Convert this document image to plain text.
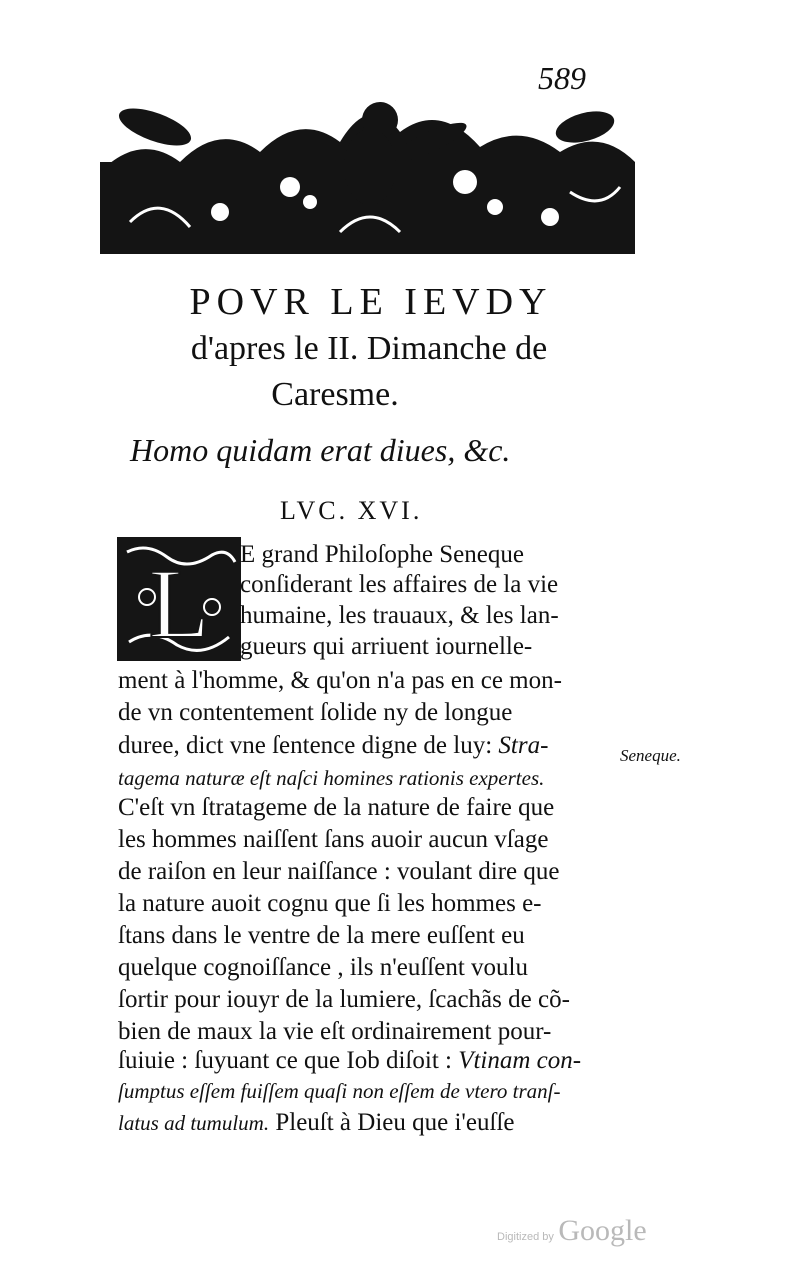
589
POVR LE IEVDY
d'apres le II. Dimanche de
Caresme.
Homo quidam erat diues, &c.
LVC. XVI.
L E grand Philoſophe Seneque
conſiderant les affaires de la vie
humaine, les trauaux, & les lan-
gueurs qui arriuent iournelle-
ment à l'homme, & qu'on n'a pas en ce mon-
de vn contentement ſolide ny de longue
duree, dict vne ſentence digne de luy: Stra-
tagema naturæ eſt naſci homines rationis expertes.
C'eſt vn ſtratageme de la nature de faire que
les hommes naiſſent ſans auoir aucun vſage
de raiſon en leur naiſſance : voulant dire que
la nature auoit cognu que ſi les hommes e-
ſtans dans le ventre de la mere euſſent eu
quelque cognoiſſance , ils n'euſſent voulu
ſortir pour iouyr de la lumiere, ſcachãs de cõ-
bien de maux la vie eſt ordinairement pour-
ſuiuie : ſuyuant ce que Iob diſoit : Vtinam con-
ſumptus eſſem fuiſſem quaſi non eſſem de vtero tranſ-
latus ad tumulum. Pleuſt à Dieu que i'euſſe
Seneque.
Digitized by Google
